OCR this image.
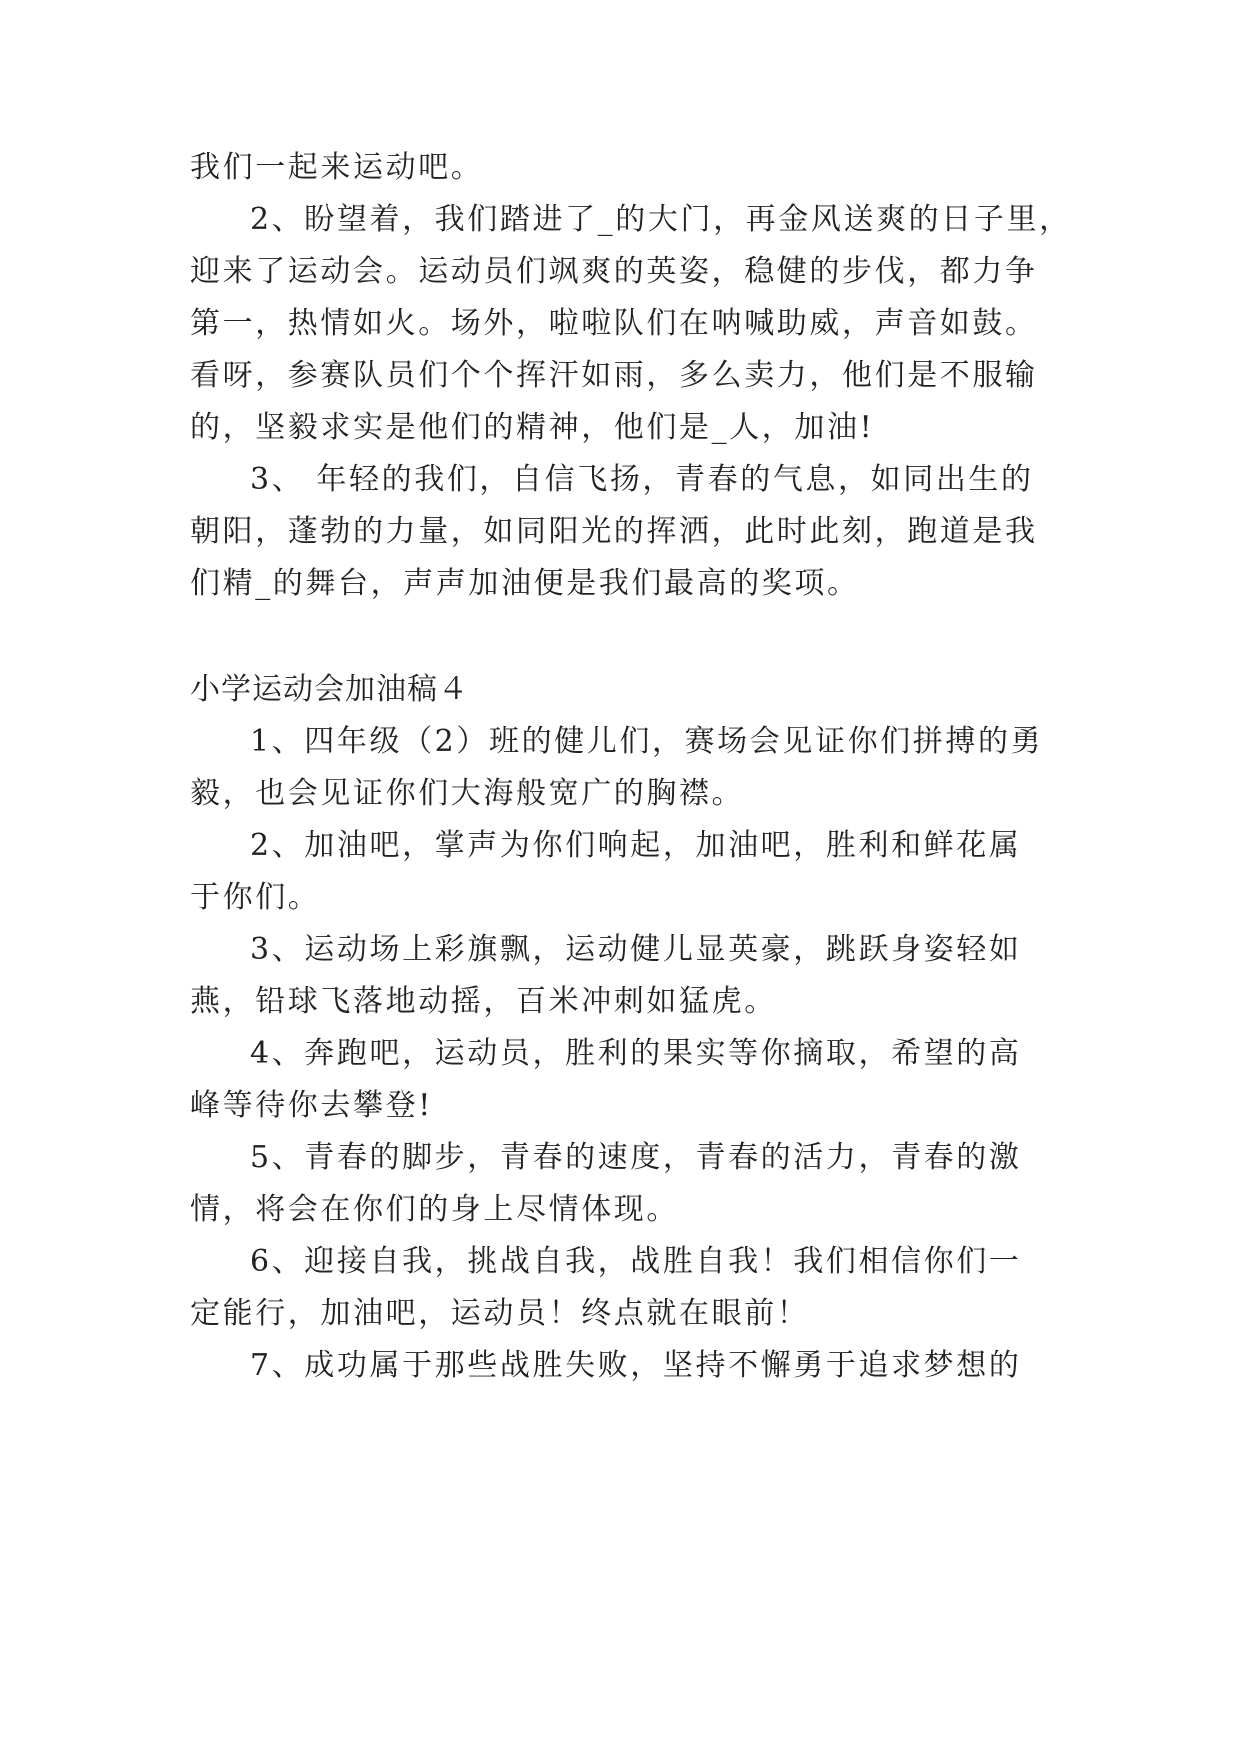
我们一起来运动吧。
2、盼望着，我们踏进了_的大门，再金风送爽的日子里，
迎来了运动会。运动员们飒爽的英姿，稳健的步伐，都力争
第一，热情如火。场外，啦啦队们在呐喊助威，声音如鼓。
看呀，参赛队员们个个挥汗如雨，多么卖力，他们是不服输
的，坚毅求实是他们的精神，他们是_人，加油!
3、 年轻的我们，自信飞扬，青春的气息，如同出生的
朝阳，蓬勃的力量，如同阳光的挥洒，此时此刻，跑道是我
们精_的舞台，声声加油便是我们最高的奖项。
小学运动会加油稿４
1、四年级（2）班的健儿们，赛场会见证你们拼搏的勇
毅，也会见证你们大海般宽广的胸襟。
2、加油吧，掌声为你们响起，加油吧，胜利和鲜花属
于你们。
3、运动场上彩旗飘，运动健儿显英豪，跳跃身姿轻如
燕，铅球飞落地动摇，百米冲刺如猛虎。
4、奔跑吧，运动员，胜利的果实等你摘取，希望的高
峰等待你去攀登!
5、青春的脚步，青春的速度，青春的活力，青春的激
情，将会在你们的身上尽情体现。
6、迎接自我，挑战自我，战胜自我！我们相信你们一
定能行，加油吧，运动员！终点就在眼前！
7、成功属于那些战胜失败，坚持不懈勇于追求梦想的
